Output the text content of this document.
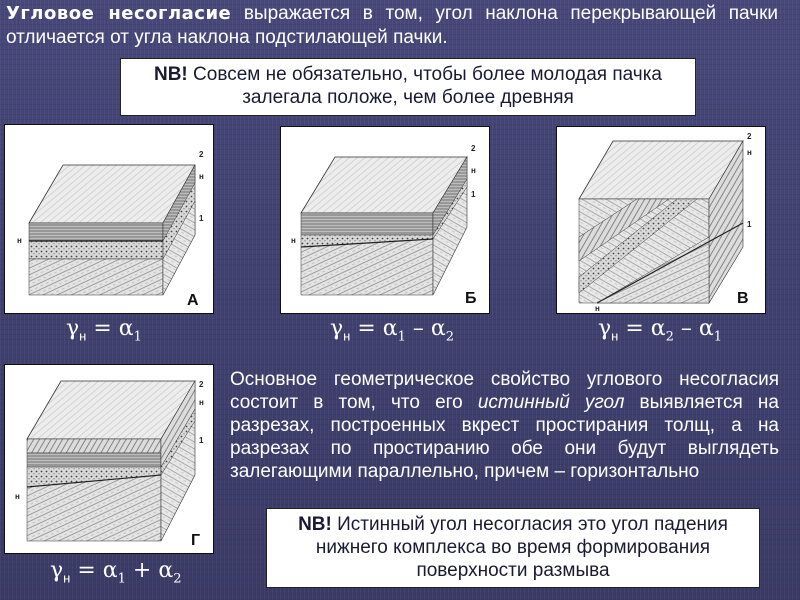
Угловое несогласие выражается в том, угол наклона перекрывающей пачки отличается от угла наклона подстилающей пачки.
NB! Совсем не обязательно, чтобы более молодая пачка залегала положе, чем более древняя
2
н
1
н
А
2
н
1
н
Б
2
н
1
н
В
2
н
1
н
Г
$\gamma_н = \alpha_1$	$\gamma_н = \alpha_1 - \alpha_2$	$\gamma_н = \alpha_2 - \alpha_1$
$\gamma_н = \alpha_1 + \alpha_2$
Основное геометрическое свойство углового несогласия состоит в том, что его истинный угол выявляется на разрезах, построенных вкрест простирания толщ, а на разрезах по простиранию обе они будут выглядеть залегающими параллельно, причем – горизонтально
NB! Истинный угол несогласия это угол падения нижнего комплекса во время формирования поверхности размыва
